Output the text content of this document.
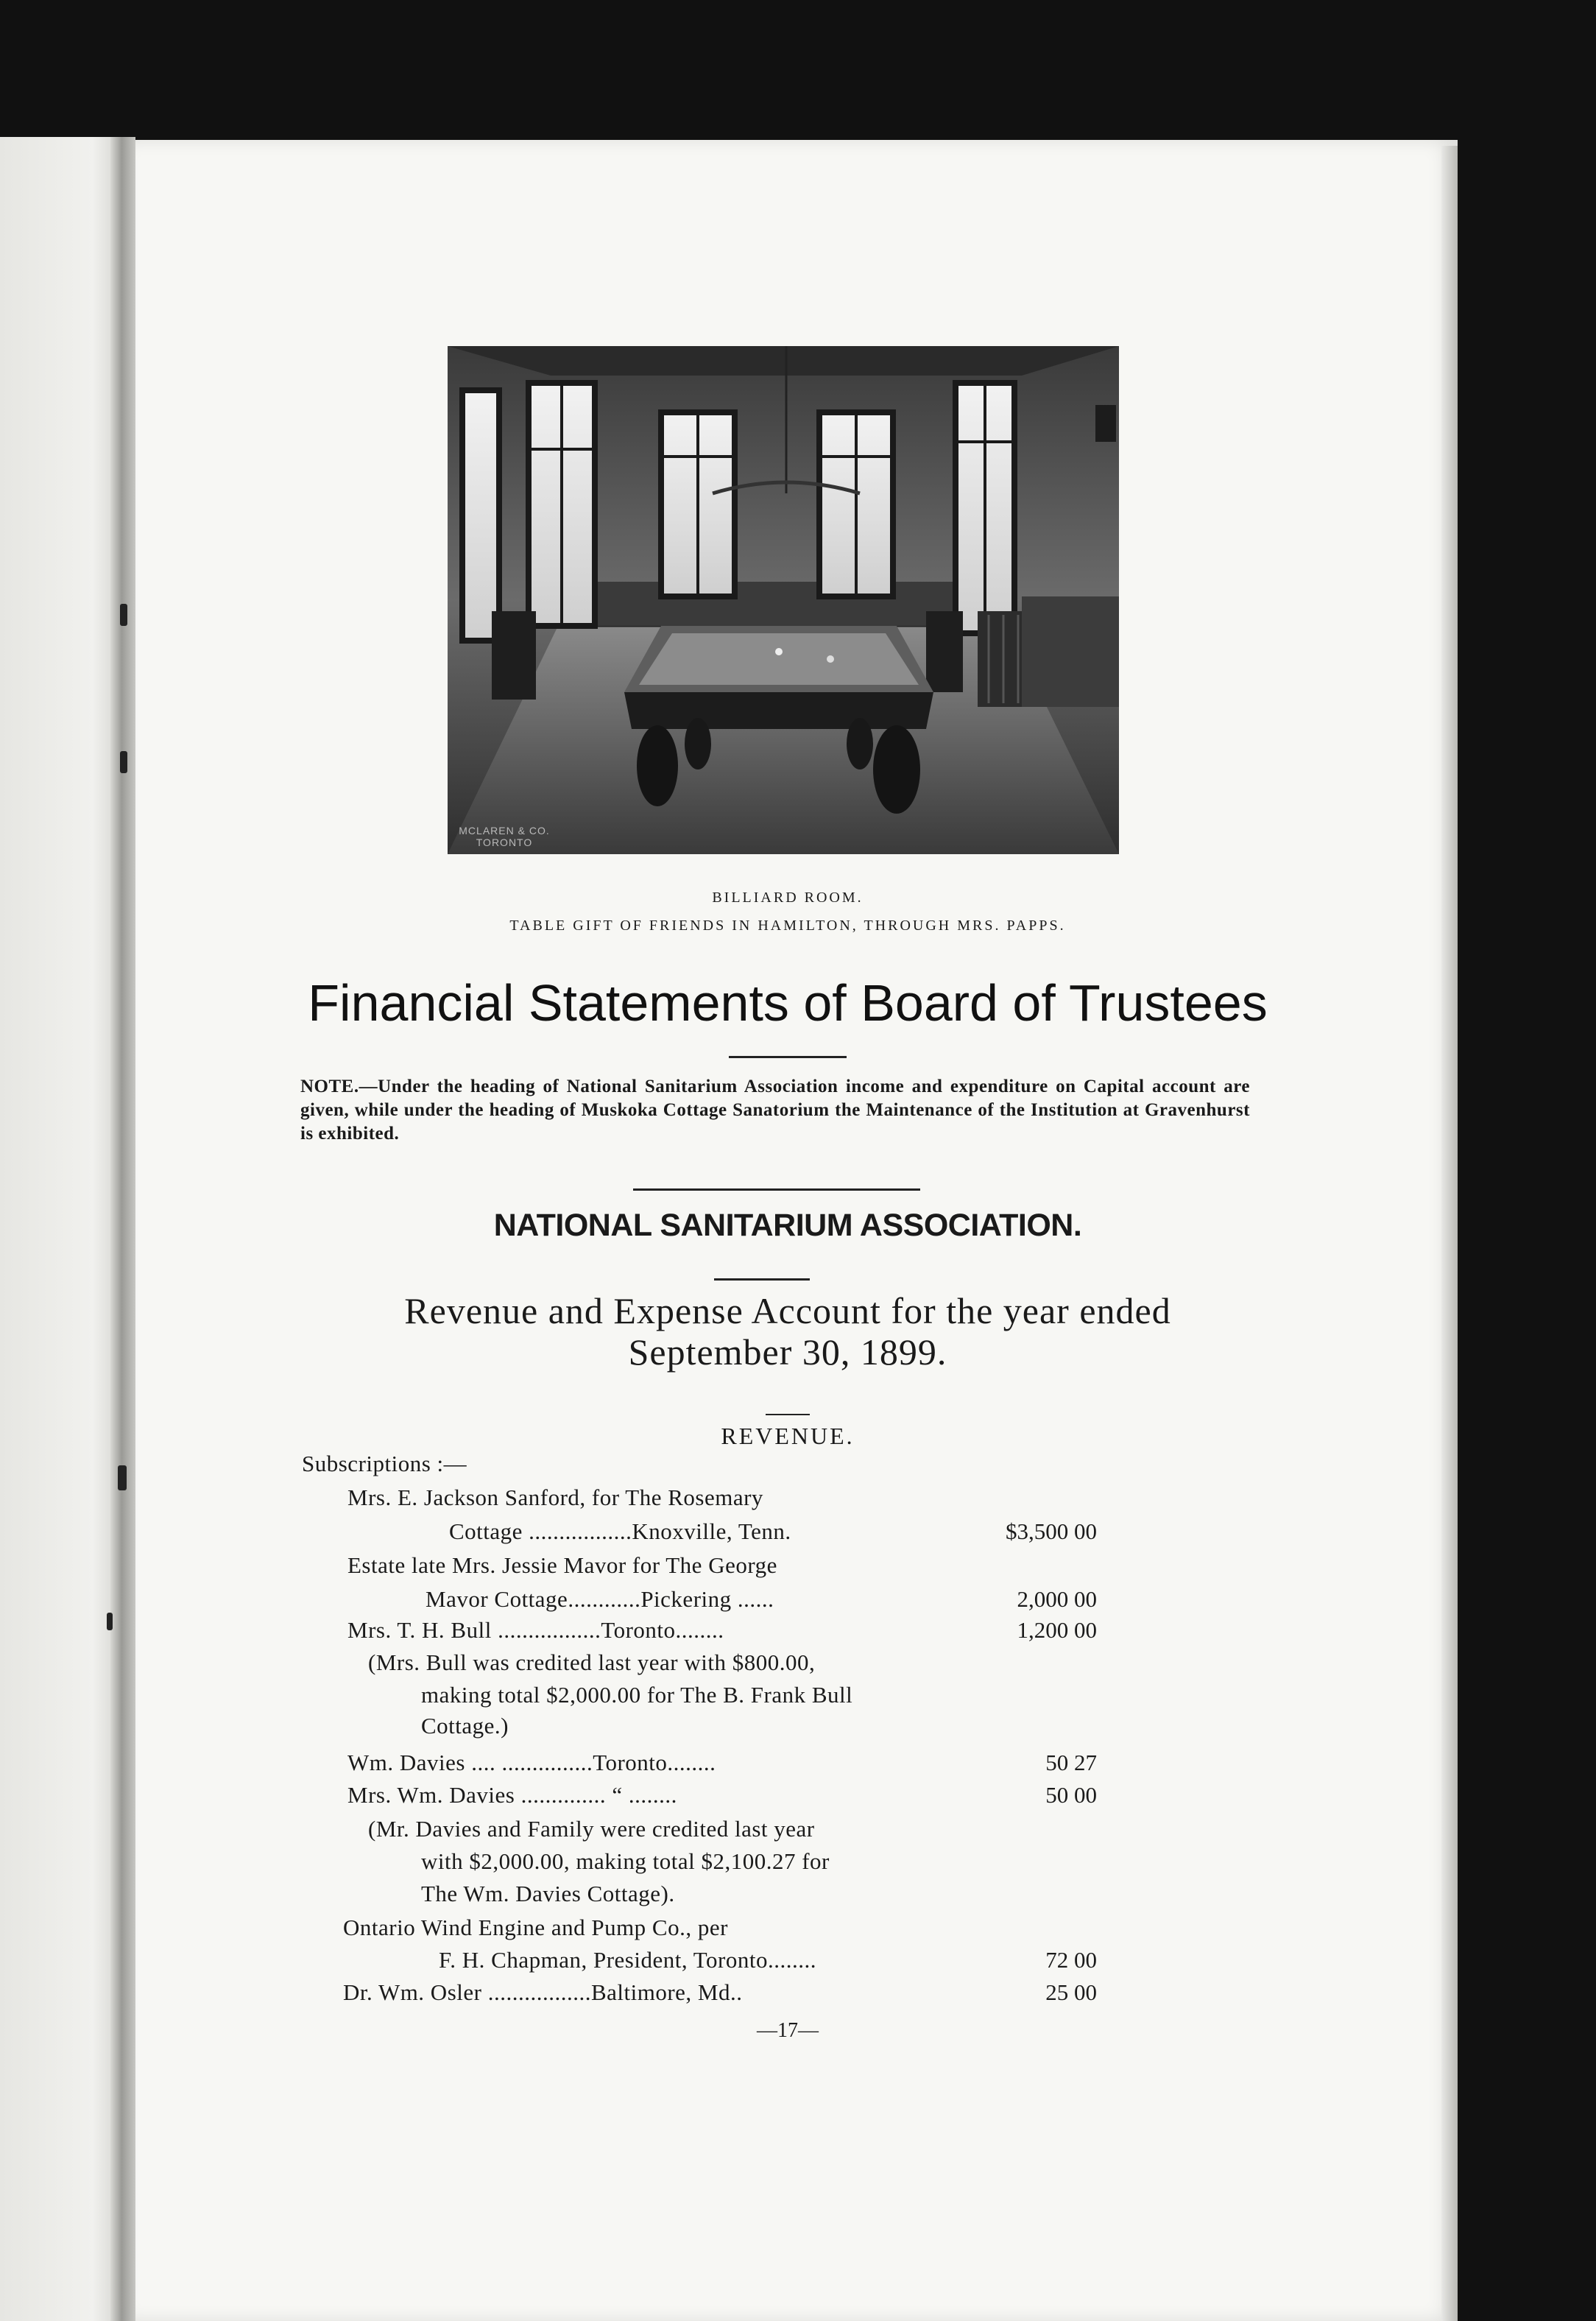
MCLAREN & CO.
TORONTO
BILLIARD ROOM.
TABLE GIFT OF FRIENDS IN HAMILTON, THROUGH MRS. PAPPS.
Financial Statements of Board of Trustees
NOTE.—Under the heading of National Sanitarium Association income and expenditure on Capital account are given, while under the heading of Muskoka Cottage Sanatorium the Maintenance of the Institution at Gravenhurst is exhibited.
NATIONAL SANITARIUM ASSOCIATION.
Revenue and Expense Account for the year ended
September 30, 1899.
REVENUE.
Subscriptions :—
Mrs. E. Jackson Sanford, for The Rosemary
Cottage .................Knoxville, Tenn.	$3,500 00
Estate late Mrs. Jessie Mavor for The George
Mavor Cottage............Pickering ......	2,000 00
Mrs. T. H. Bull .................Toronto........	1,200 00
(Mrs. Bull was credited last year with $800.00,
making total $2,000.00 for The B. Frank Bull
Cottage.)
Wm. Davies .... ...............Toronto........	50 27
Mrs. Wm. Davies .............. “ ........	50 00
(Mr. Davies and Family were credited last year
with $2,000.00, making total $2,100.27 for
The Wm. Davies Cottage).
Ontario Wind Engine and Pump Co., per
F. H. Chapman, President, Toronto........	72 00
Dr. Wm. Osler .................Baltimore, Md..	25 00
—17—
